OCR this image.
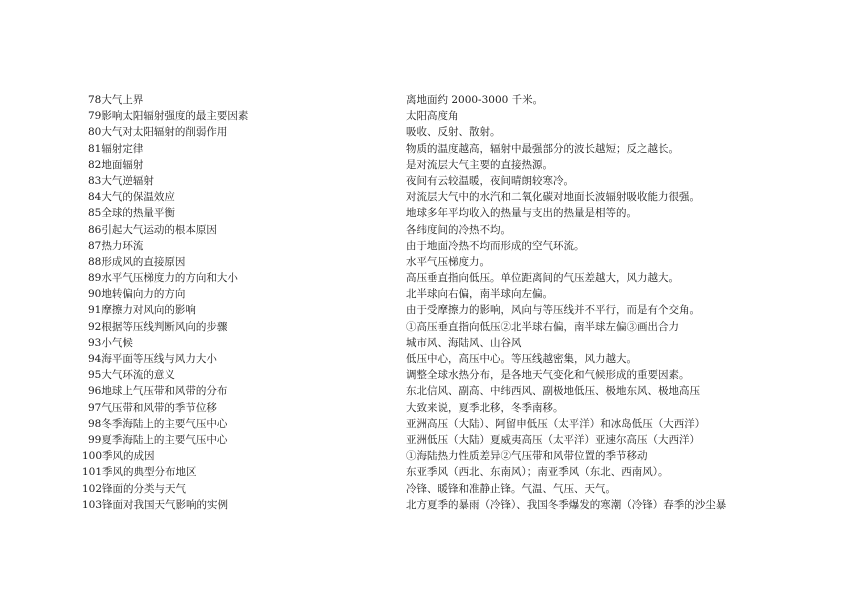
78大气上界	离地面约 2000-3000 千米。
79影响太阳辐射强度的最主要因素	太阳高度角
80大气对太阳辐射的削弱作用	吸收、反射、散射。
81辐射定律	物质的温度越高，辐射中最强部分的波长越短；反之越长。
82地面辐射	是对流层大气主要的直接热源。
83大气逆辐射	夜间有云较温暖，夜间晴朗较寒冷。
84大气的保温效应	对流层大气中的水汽和二氧化碳对地面长波辐射吸收能力很强。
85全球的热量平衡	地球多年平均收入的热量与支出的热量是相等的。
86引起大气运动的根本原因	各纬度间的冷热不均。
87热力环流	由于地面冷热不均而形成的空气环流。
88形成风的直接原因	水平气压梯度力。
89水平气压梯度力的方向和大小	高压垂直指向低压。单位距离间的气压差越大，风力越大。
90地转偏向力的方向	北半球向右偏，南半球向左偏。
91摩擦力对风向的影响	由于受摩擦力的影响，风向与等压线并不平行，而是有个交角。
92根据等压线判断风向的步骤	①高压垂直指向低压②北半球右偏，南半球左偏③画出合力
93小气候	城市风、海陆风、山谷风
94海平面等压线与风力大小	低压中心，高压中心。等压线越密集，风力越大。
95大气环流的意义	调整全球水热分布，是各地天气变化和气候形成的重要因素。
96地球上气压带和风带的分布	东北信风、副高、中纬西风、副极地低压、极地东风、极地高压
97气压带和风带的季节位移	大致来说，夏季北移，冬季南移。
98冬季海陆上的主要气压中心	亚洲高压（大陆）、阿留申低压（太平洋）和冰岛低压（大西洋）
99夏季海陆上的主要气压中心	亚洲低压（大陆）夏威夷高压（太平洋）亚速尔高压（大西洋）
100季风的成因	①海陆热力性质差异②气压带和风带位置的季节移动
101季风的典型分布地区	东亚季风（西北、东南风）；南亚季风（东北、西南风）。
102锋面的分类与天气	冷锋、暖锋和准静止锋。气温、气压、天气。
103锋面对我国天气影响的实例	北方夏季的暴雨（冷锋）、我国冬季爆发的寒潮（冷锋）春季的沙尘暴
